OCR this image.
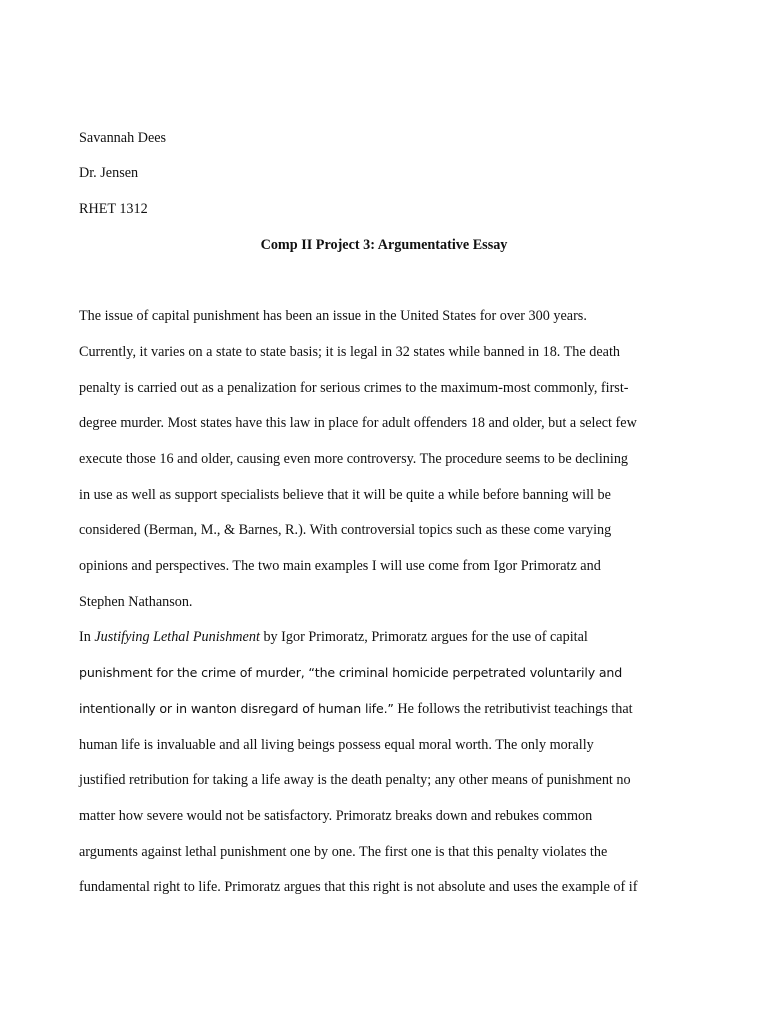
Savannah Dees
Dr. Jensen
RHET 1312
Comp II Project 3: Argumentative Essay
The issue of capital punishment has been an issue in the United States for over 300 years.
Currently, it varies on a state to state basis; it is legal in 32 states while banned in 18. The death
penalty is carried out as a penalization for serious crimes to the maximum-most commonly, first-
degree murder. Most states have this law in place for adult offenders 18 and older, but a select few
execute those 16 and older, causing even more controversy. The procedure seems to be declining
in use as well as support specialists believe that it will be quite a while before banning will be
considered (Berman, M., & Barnes, R.). With controversial topics such as these come varying
opinions and perspectives. The two main examples I will use come from Igor Primoratz and
Stephen Nathanson.
In Justifying Lethal Punishment by Igor Primoratz, Primoratz argues for the use of capital
punishment for the crime of murder, “the criminal homicide perpetrated voluntarily and
intentionally or in wanton disregard of human life.” He follows the retributivist teachings that
human life is invaluable and all living beings possess equal moral worth. The only morally
justified retribution for taking a life away is the death penalty; any other means of punishment no
matter how severe would not be satisfactory. Primoratz breaks down and rebukes common
arguments against lethal punishment one by one. The first one is that this penalty violates the
fundamental right to life. Primoratz argues that this right is not absolute and uses the example of if
